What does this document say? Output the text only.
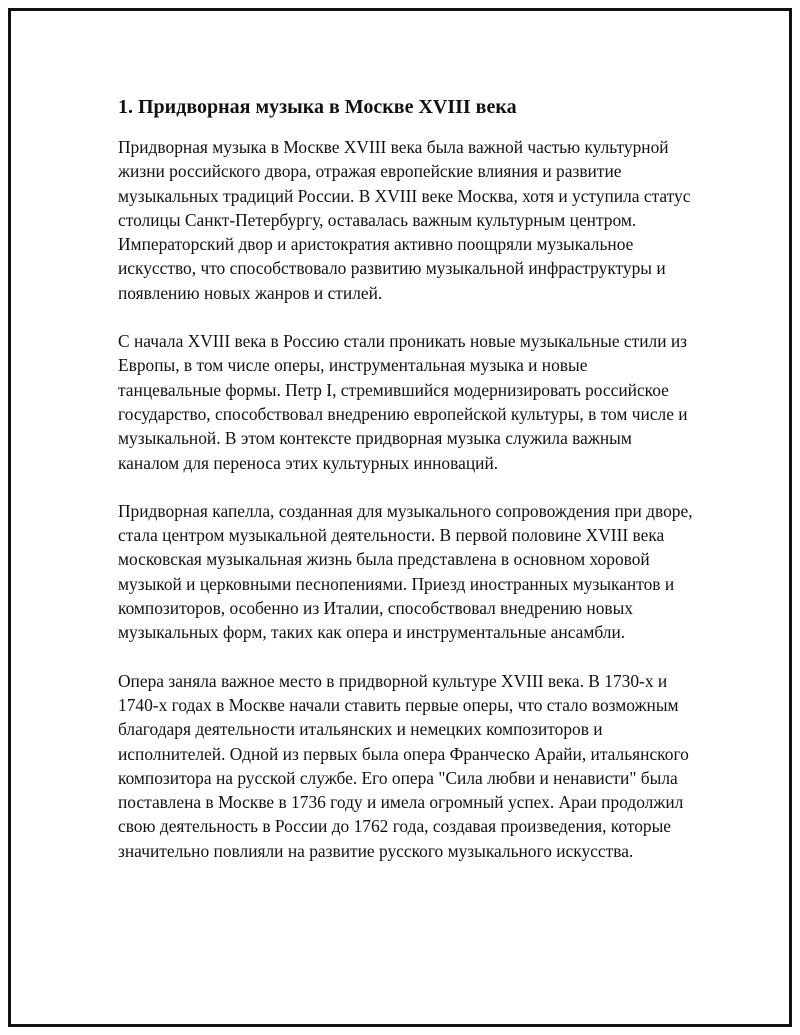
1. Придворная музыка в Москве XVIII века

Придворная музыка в Москве XVIII века была важной частью культурной жизни российского двора, отражая европейские влияния и развитие музыкальных традиций России. В XVIII веке Москва, хотя и уступила статус столицы Санкт-Петербургу, оставалась важным культурным центром. Императорский двор и аристократия активно поощряли музыкальное искусство, что способствовало развитию музыкальной инфраструктуры и появлению новых жанров и стилей.

С начала XVIII века в Россию стали проникать новые музыкальные стили из Европы, в том числе оперы, инструментальная музыка и новые танцевальные формы. Петр I, стремившийся модернизировать российское государство, способствовал внедрению европейской культуры, в том числе и музыкальной. В этом контексте придворная музыка служила важным каналом для переноса этих культурных инноваций.

Придворная капелла, созданная для музыкального сопровождения при дворе, стала центром музыкальной деятельности. В первой половине XVIII века московская музыкальная жизнь была представлена в основном хоровой музыкой и церковными песнопениями. Приезд иностранных музыкантов и композиторов, особенно из Италии, способствовал внедрению новых музыкальных форм, таких как опера и инструментальные ансамбли.

Опера заняла важное место в придворной культуре XVIII века. В 1730-х и 1740-х годах в Москве начали ставить первые оперы, что стало возможным благодаря деятельности итальянских и немецких композиторов и исполнителей. Одной из первых была опера Франческо Арайи, итальянского композитора на русской службе. Его опера "Сила любви и ненависти" была поставлена в Москве в 1736 году и имела огромный успех. Араи продолжил свою деятельность в России до 1762 года, создавая произведения, которые значительно повлияли на развитие русского музыкального искусства.
